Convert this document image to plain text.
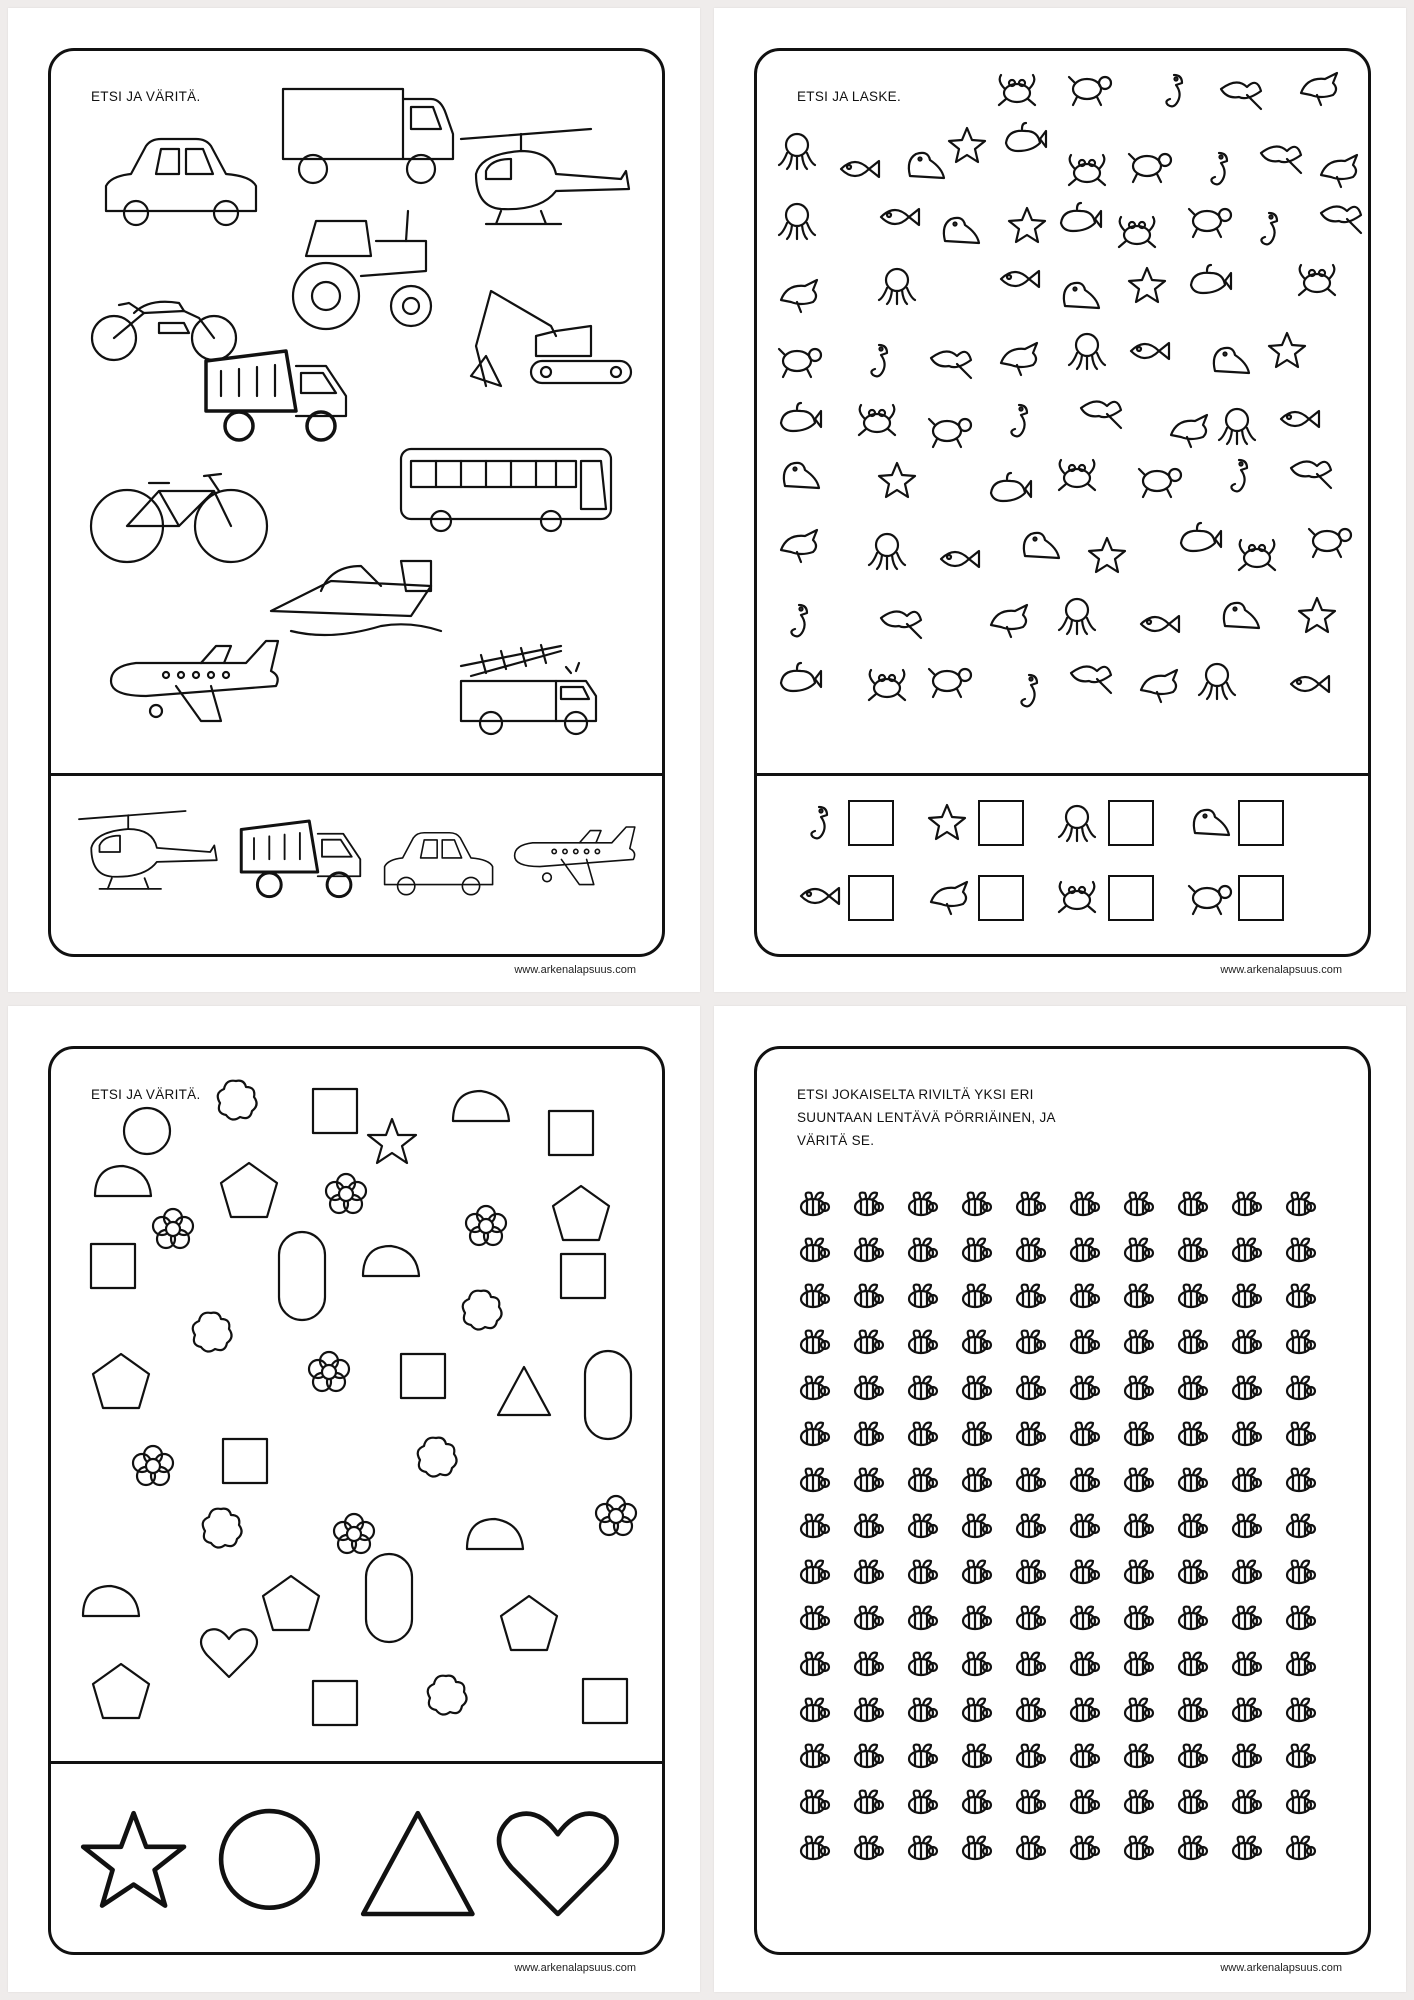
ETSI JA VÄRITÄ.
www.arkenalapsuus.com
ETSI JA LASKE.
www.arkenalapsuus.com
ETSI JA VÄRITÄ.
www.arkenalapsuus.com
ETSI JOKAISELTA RIVILTÄ YKSI ERI
SUUNTAAN LENTÄVÄ PÖRRIÄINEN, JA
VÄRITÄ SE.
www.arkenalapsuus.com
